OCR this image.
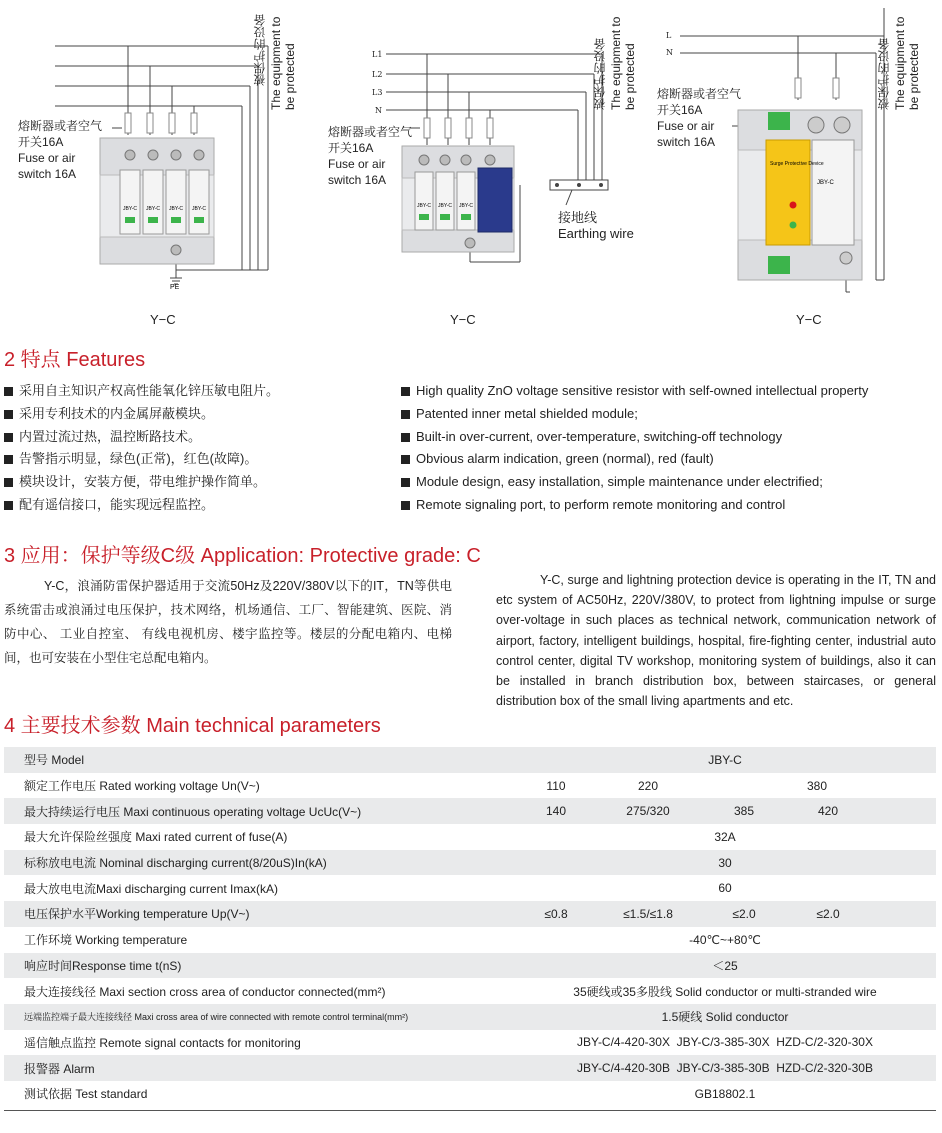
JBY-C JBY-C JBY-C JBY-C
PE
熔断器或者空气
开关16A
Fuse or air
switch 16A
被保护的设备 The equipment to be protected
Y−C
JBY-C JBY-C JBY-C
L1
L2
L3
N
熔断器或者空气
开关16A
Fuse or air
switch 16A
被保护的设备 The equipment to be protected
接地线
Earthing wire
Y−C
JBY-C
Surge Protective Device
L
N
熔断器或者空气
开关16A
Fuse or air
switch 16A
被保护的设备 The equipment to be protected
Y−C
2 特点 Features
采用自主知识产权高性能氧化锌压敏电阻片。
采用专利技术的内金属屏蔽模块。
内置过流过热，温控断路技术。
告警指示明显，绿色(正常)，红色(故障)。
模块设计，安装方便，带电维护操作简单。
配有遥信接口，能实现远程监控。
High quality ZnO voltage sensitive resistor with self-owned intellectual property
Patented inner metal shielded module;
Built-in over-current, over-temperature, switching-off technology
Obvious alarm indication, green (normal), red (fault)
Module design, easy installation, simple maintenance under electrified;
Remote signaling port, to perform remote monitoring and control
3 应用：保护等级C级 Application: Protective grade: C
Y-C，浪涌防雷保护器适用于交流50Hz及220V/380V以下的IT，TN等供电系统雷击或浪涌过电压保护，技术网络，机场通信、工厂、智能建筑、医院、消防中心、 工业自控室、 有线电视机房、楼宇监控等。楼层的分配电箱内、电梯间，也可安装在小型住宅总配电箱内。
Y-C, surge and lightning protection device is operating in the IT, TN and etc system of AC50Hz, 220V/380V, to protect from lightning impulse or surge over-voltage in such places as technical network, communication network of airport, factory, intelligent buildings, hospital, fire-fighting center, industrial auto control center, digital TV workshop, monitoring system of buildings, also it can be installed in branch distribution box, between staircases, or general distribution box of the small living apartments and etc.
4 主要技术参数 Main technical parameters
型号 Model	JBY-C			
额定工作电压 Rated working voltage Un(V~)	110	220	380	
最大持续运行电压 Maxi continuous operating voltage UcUc(V~)	140	275/320	385	420
最大允许保险丝强度 Maxi rated current of fuse(A)	32A			
标称放电电流 Nominal discharging current(8/20uS)In(kA)	30			
最大放电电流Maxi discharging current Imax(kA)	60			
电压保护水平Working temperature Up(V~)	≤0.8	≤1.5/≤1.8	≤2.0	≤2.0
工作环境 Working temperature	-40℃~+80℃			
响应时间Response time t(nS)	＜25			
最大连接线径 Maxi section cross area of conductor connected(mm²)	35硬线或35多股线 Solid conductor or multi-stranded wire			
远端监控端子最大连接线径 Maxi cross area of wire connected with remote control terminal(mm²)	1.5硬线 Solid conductor			
遥信触点监控 Remote signal contacts for monitoring	JBY-C/4-420-30X  JBY-C/3-385-30X  HZD-C/2-320-30X			
报警器 Alarm	JBY-C/4-420-30B  JBY-C/3-385-30B  HZD-C/2-320-30B			
测试依据 Test standard	GB18802.1			
